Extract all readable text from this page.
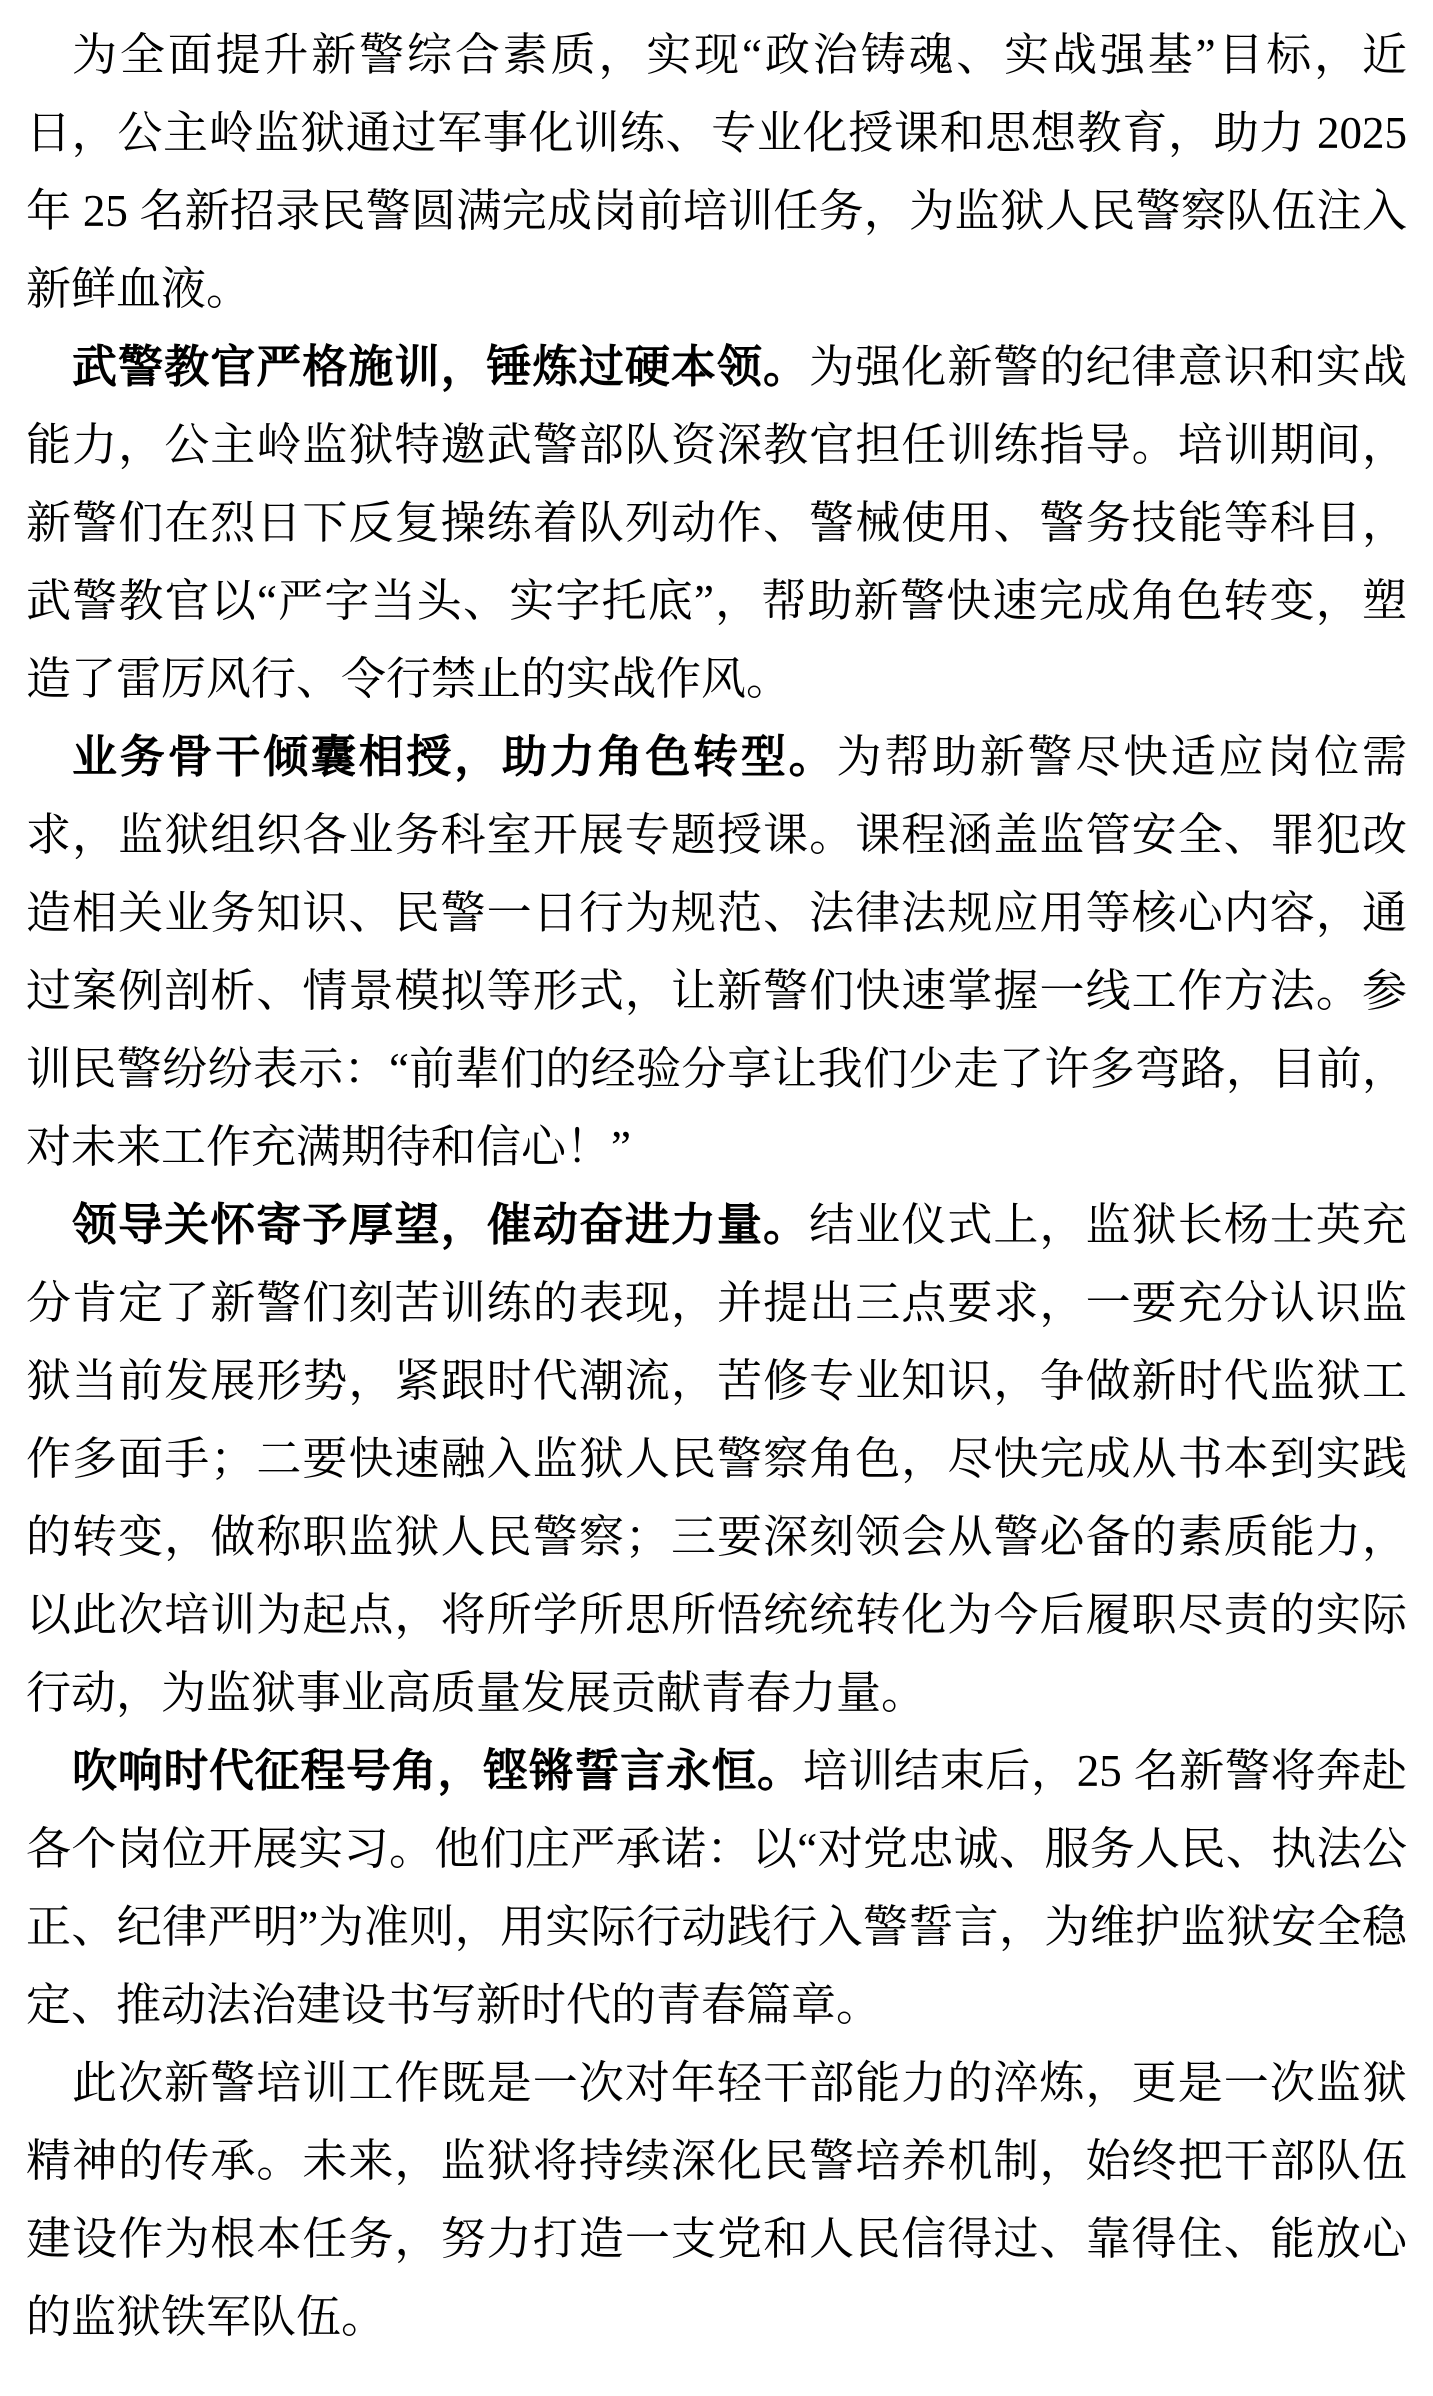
为全面提升新警综合素质，实现“政治铸魂、实战强基”目标，近日，公主岭监狱通过军事化训练、专业化授课和思想教育，助力 2025 年 25 名新招录民警圆满完成岗前培训任务，为监狱人民警察队伍注入新鲜血液。

武警教官严格施训，锤炼过硬本领。为强化新警的纪律意识和实战能力，公主岭监狱特邀武警部队资深教官担任训练指导。培训期间，新警们在烈日下反复操练着队列动作、警械使用、警务技能等科目，武警教官以“严字当头、实字托底”，帮助新警快速完成角色转变，塑造了雷厉风行、令行禁止的实战作风。

业务骨干倾囊相授，助力角色转型。为帮助新警尽快适应岗位需求，监狱组织各业务科室开展专题授课。课程涵盖监管安全、罪犯改造相关业务知识、民警一日行为规范、法律法规应用等核心内容，通过案例剖析、情景模拟等形式，让新警们快速掌握一线工作方法。参训民警纷纷表示：“前辈们的经验分享让我们少走了许多弯路，目前，对未来工作充满期待和信心！”

领导关怀寄予厚望，催动奋进力量。结业仪式上，监狱长杨士英充分肯定了新警们刻苦训练的表现，并提出三点要求，一要充分认识监狱当前发展形势，紧跟时代潮流，苦修专业知识，争做新时代监狱工作多面手；二要快速融入监狱人民警察角色，尽快完成从书本到实践的转变，做称职监狱人民警察；三要深刻领会从警必备的素质能力，以此次培训为起点，将所学所思所悟统统转化为今后履职尽责的实际行动，为监狱事业高质量发展贡献青春力量。

吹响时代征程号角，铿锵誓言永恒。培训结束后，25 名新警将奔赴各个岗位开展实习。他们庄严承诺：以“对党忠诚、服务人民、执法公正、纪律严明”为准则，用实际行动践行入警誓言，为维护监狱安全稳定、推动法治建设书写新时代的青春篇章。

此次新警培训工作既是一次对年轻干部能力的淬炼，更是一次监狱精神的传承。未来，监狱将持续深化民警培养机制，始终把干部队伍建设作为根本任务，努力打造一支党和人民信得过、靠得住、能放心的监狱铁军队伍。
